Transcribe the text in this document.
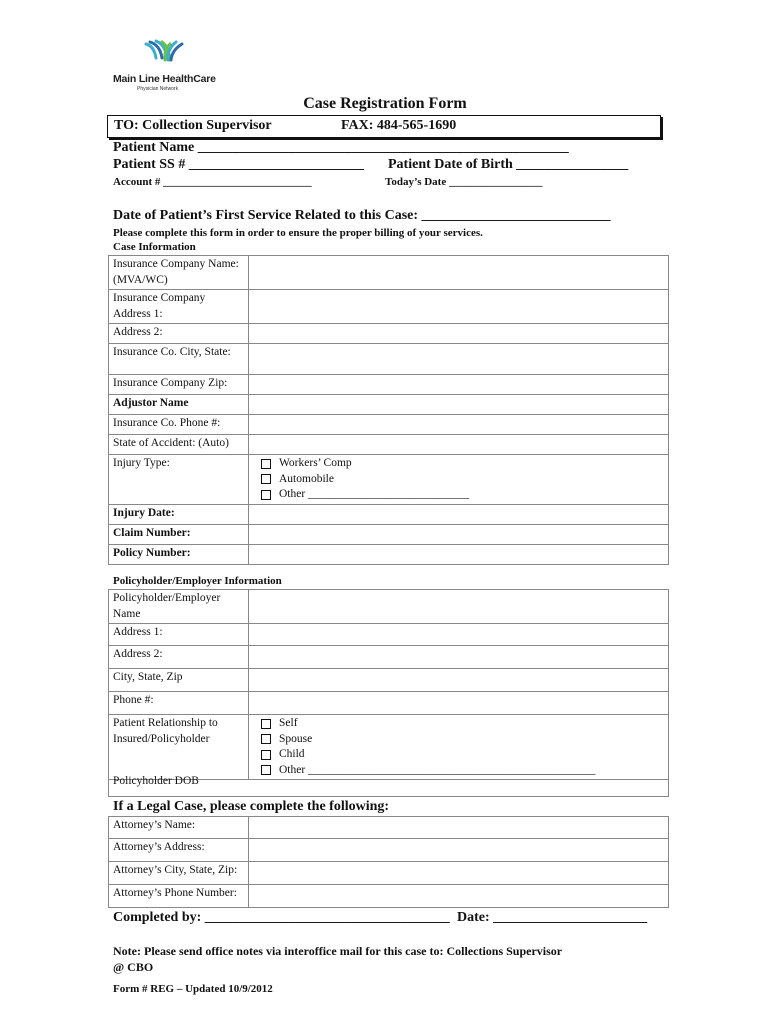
Main Line HealthCare
Physician Network
Case Registration Form
TO: Collection Supervisor	FAX: 484-565-1690
Patient Name _____________________________________________________
Patient SS # _________________________ Patient Date of Birth ________________
Account # ___________________________	Today’s Date _________________
Date of Patient’s First Service Related to this Case: ___________________________
Please complete this form in order to ensure the proper billing of your services.
Case Information
Insurance Company Name: (MVA/WC)	
Insurance Company Address 1:	
Address 2:	
Insurance Co. City, State:	
Insurance Company Zip:	
Adjustor Name	
Insurance Co. Phone #:	
State of Accident: (Auto)	
Injury Type:	Workers’ Comp
Automobile
Other ____________________________

Injury Date:	
Claim Number:	
Policy Number:	
Policyholder/Employer Information
Policyholder/Employer Name	
Address 1:	
Address 2:	
City, State, Zip	
Phone #:	
Patient Relationship to Insured/Policyholder	Self
Spouse
Child
Other __________________________________________________
Policyholder DOB
If a Legal Case, please complete the following:
Attorney’s Name:	
Attorney’s Address:	
Attorney’s City, State, Zip:	
Attorney’s Phone Number:	
Completed by: ___________________________________ Date: ______________________
Note: Please send office notes via interoffice mail for this case to: Collections Supervisor
@ CBO
Form # REG – Updated 10/9/2012
